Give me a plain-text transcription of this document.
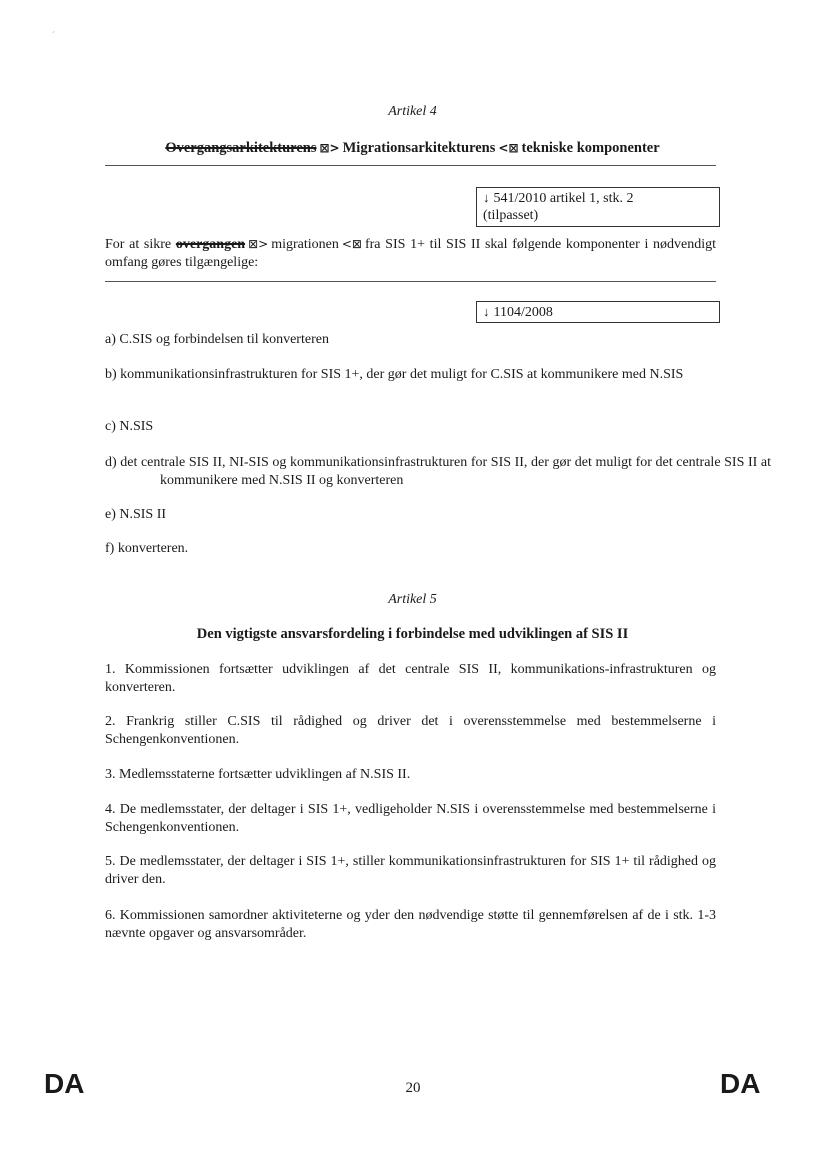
´
Artikel 4
Overgangsarkitekturens ⊠> Migrationsarkitekturens <⊠ tekniske komponenter
↓ 541/2010 artikel 1, stk. 2
(tilpasset)
For at sikre overgangen ⊠> migrationen <⊠ fra SIS 1+ til SIS II skal følgende komponenter i nødvendigt omfang gøres tilgængelige:
↓ 1104/2008
a) C.SIS og forbindelsen til konverteren
b) kommunikationsinfrastrukturen for SIS 1+, der gør det muligt for C.SIS at kommunikere med N.SIS
c) N.SIS
d) det centrale SIS II, NI-SIS og kommunikationsinfrastrukturen for SIS II, der gør det muligt for det centrale SIS II at kommunikere med N.SIS II og konverteren
e) N.SIS II
f) konverteren.
Artikel 5
Den vigtigste ansvarsfordeling i forbindelse med udviklingen af SIS II
1. Kommissionen fortsætter udviklingen af det centrale SIS II, kommunikations-infrastrukturen og konverteren.
2. Frankrig stiller C.SIS til rådighed og driver det i overensstemmelse med bestemmelserne i Schengenkonventionen.
3. Medlemsstaterne fortsætter udviklingen af N.SIS II.
4. De medlemsstater, der deltager i SIS 1+, vedligeholder N.SIS i overensstemmelse med bestemmelserne i Schengenkonventionen.
5. De medlemsstater, der deltager i SIS 1+, stiller kommunikationsinfrastrukturen for SIS 1+ til rådighed og driver den.
6. Kommissionen samordner aktiviteterne og yder den nødvendige støtte til gennemførelsen af de i stk. 1-3 nævnte opgaver og ansvarsområder.
DA	20	DA
